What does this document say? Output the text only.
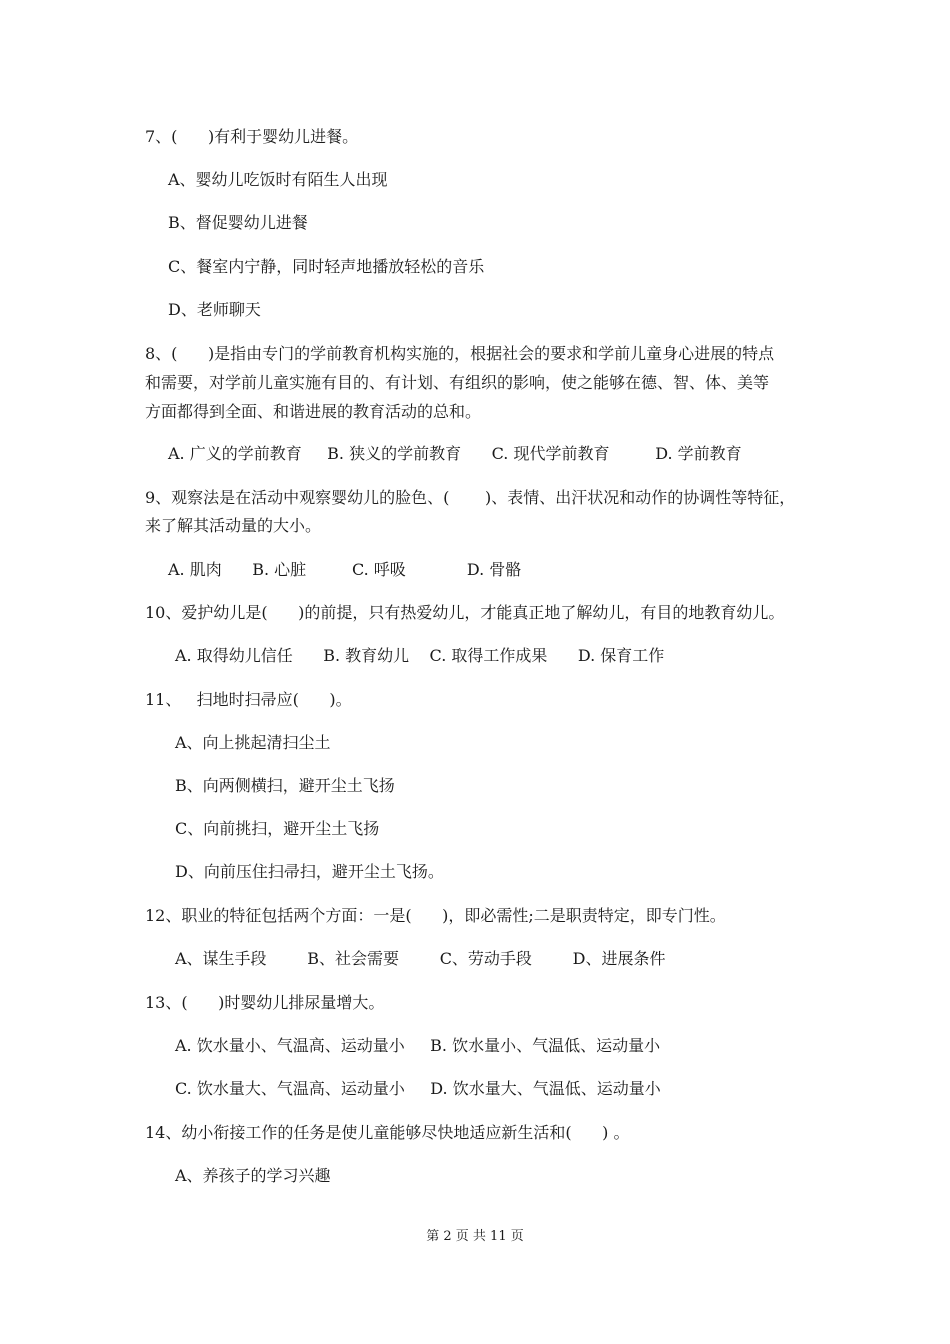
7、(      )有利于婴幼儿进餐。
A、婴幼儿吃饭时有陌生人出现
B、督促婴幼儿进餐
C、餐室内宁静，同时轻声地播放轻松的音乐
D、老师聊天
8、(      )是指由专门的学前教育机构实施的，根据社会的要求和学前儿童身心进展的特点
和需要，对学前儿童实施有目的、有计划、有组织的影响，使之能够在德、智、体、美等
方面都得到全面、和谐进展的教育活动的总和。
A. 广义的学前教育     B. 狭义的学前教育      C. 现代学前教育         D. 学前教育
9、观察法是在活动中观察婴幼儿的脸色、(       )、表情、出汗状况和动作的协调性等特征，
来了解其活动量的大小。
A. 肌肉      B. 心脏         C. 呼吸            D. 骨骼
10、爱护幼儿是(      )的前提，只有热爱幼儿，才能真正地了解幼儿，有目的地教育幼儿。
A. 取得幼儿信任      B. 教育幼儿    C. 取得工作成果      D. 保育工作
11、   扫地时扫帚应(      )。
A、向上挑起清扫尘土
B、向两侧横扫，避开尘土飞扬
C、向前挑扫，避开尘土飞扬
D、向前压住扫帚扫，避开尘土飞扬。
12、职业的特征包括两个方面：一是(      )，即必需性;二是职责特定，即专门性。
A、谋生手段        B、社会需要        C、劳动手段        D、进展条件
13、(      )时婴幼儿排尿量增大。
A. 饮水量小、气温高、运动量小     B. 饮水量小、气温低、运动量小
C. 饮水量大、气温高、运动量小     D. 饮水量大、气温低、运动量小
14、幼小衔接工作的任务是使儿童能够尽快地适应新生活和(      ) 。
A、养孩子的学习兴趣
第 2 页 共 11 页
